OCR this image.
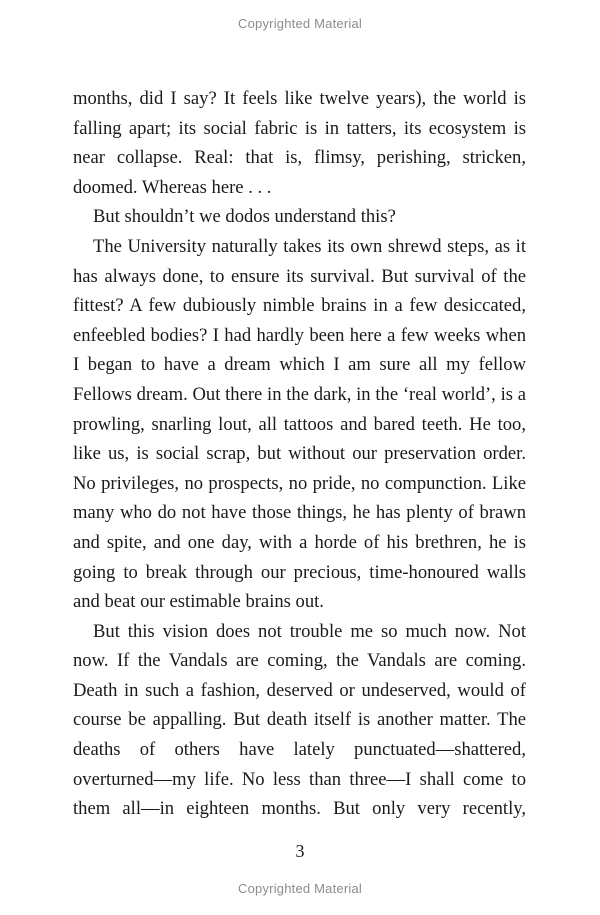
Copyrighted Material

months, did I say? It feels like twelve years), the world is falling apart; its social fabric is in tatters, its ecosystem is near collapse. Real: that is, flimsy, perishing, stricken, doomed. Whereas here . . .

But shouldn’t we dodos understand this?

The University naturally takes its own shrewd steps, as it has always done, to ensure its survival. But survival of the fittest? A few dubiously nimble brains in a few desiccated, enfeebled bodies? I had hardly been here a few weeks when I began to have a dream which I am sure all my fellow Fellows dream. Out there in the dark, in the ‘real world’, is a prowling, snarling lout, all tattoos and bared teeth. He too, like us, is social scrap, but without our preservation order. No privileges, no prospects, no pride, no compunction. Like many who do not have those things, he has plenty of brawn and spite, and one day, with a horde of his brethren, he is going to break through our precious, time-honoured walls and beat our estimable brains out.

But this vision does not trouble me so much now. Not now. If the Vandals are coming, the Vandals are coming. Death in such a fashion, deserved or undeserved, would of course be appalling. But death itself is another matter. The deaths of others have lately punctuated—shattered, overturned—my life. No less than three—I shall come to them all—in eighteen months. But only very recently,

3
Copyrighted Material
